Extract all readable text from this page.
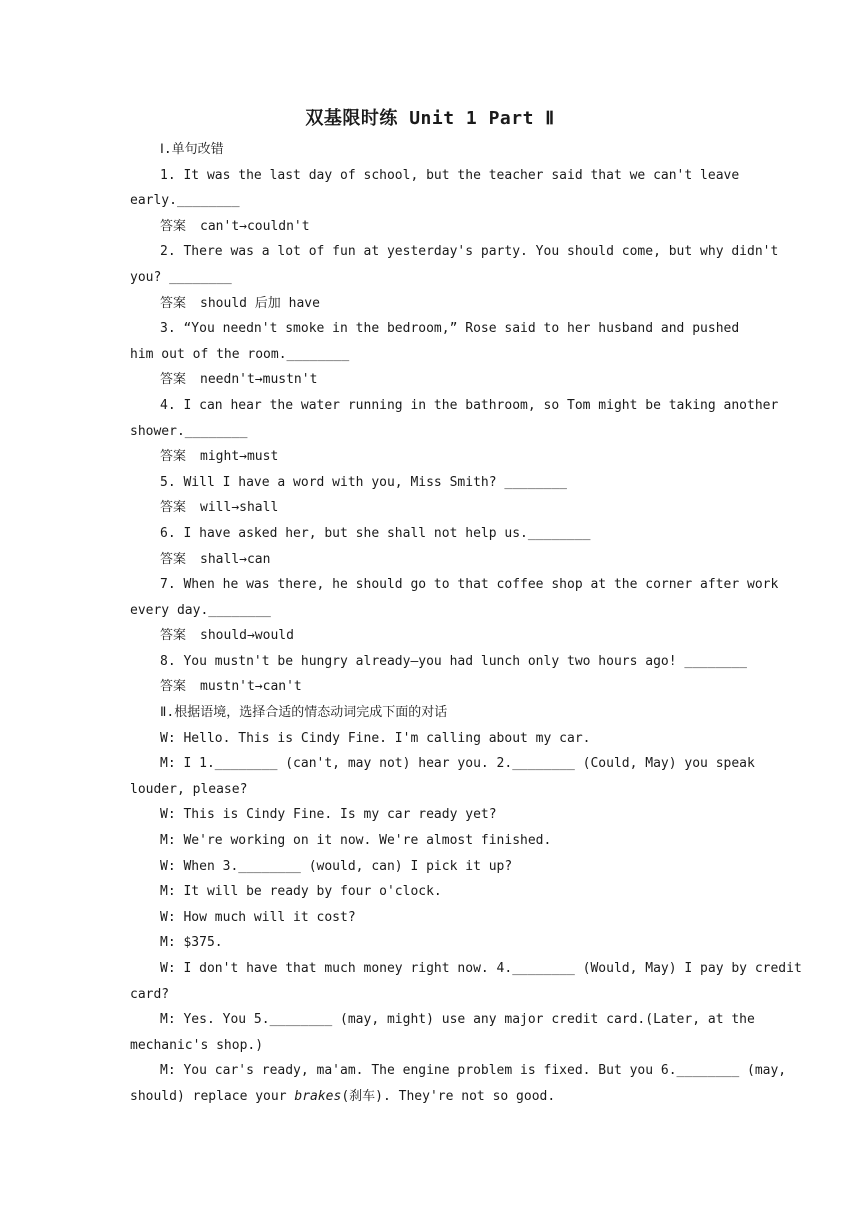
双基限时练 Unit 1 Part Ⅱ
Ⅰ.单句改错
1. It was the last day of school, but the teacher said that we can't leave
early.________
答案 can't→couldn't
2. There was a lot of fun at yesterday's party. You should come, but why didn't
you? ________
答案 should 后加 have
3. “You needn't smoke in the bedroom,” Rose said to her husband and pushed
him out of the room.________
答案 needn't→mustn't
4. I can hear the water running in the bathroom, so Tom might be taking another
shower.________
答案 might→must
5. Will I have a word with you, Miss Smith? ________
答案 will→shall
6. I have asked her, but she shall not help us.________
答案 shall→can
7. When he was there, he should go to that coffee shop at the corner after work
every day.________
答案 should→would
8. You mustn't be hungry already—you had lunch only two hours ago! ________
答案 mustn't→can't
Ⅱ.根据语境，选择合适的情态动词完成下面的对话
W: Hello. This is Cindy Fine. I'm calling about my car.
M: I 1.________ (can't, may not) hear you. 2.________ (Could, May) you speak
louder, please?
W: This is Cindy Fine. Is my car ready yet?
M: We're working on it now. We're almost finished.
W: When 3.________ (would, can) I pick it up?
M: It will be ready by four o'clock.
W: How much will it cost?
M: $375.
W: I don't have that much money right now. 4.________ (Would, May) I pay by credit
card?
M: Yes. You 5.________ (may, might) use any major credit card.(Later, at the
mechanic's shop.)
M: You car's ready, ma'am. The engine problem is fixed. But you 6.________ (may,
should) replace your brakes(刹车). They're not so good.
